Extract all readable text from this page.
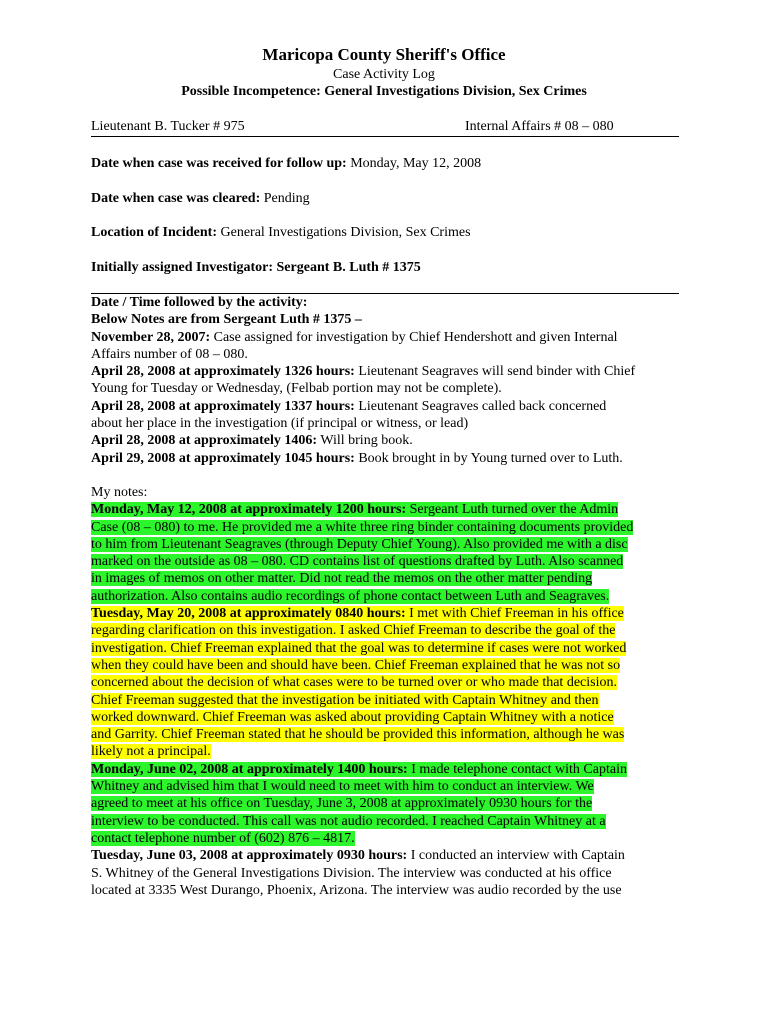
Maricopa County Sheriff's Office
Case Activity Log
Possible Incompetence: General Investigations Division, Sex Crimes
Lieutenant B. Tucker # 975	Internal Affairs # 08 – 080
Date when case was received for follow up: Monday, May 12, 2008
Date when case was cleared: Pending
Location of Incident: General Investigations Division, Sex Crimes
Initially assigned Investigator: Sergeant B. Luth # 1375
Date / Time followed by the activity:
Below Notes are from Sergeant Luth # 1375 –
November 28, 2007: Case assigned for investigation by Chief Hendershott and given Internal
Affairs number of 08 – 080.
April 28, 2008 at approximately 1326 hours: Lieutenant Seagraves will send binder with Chief
Young for Tuesday or Wednesday, (Felbab portion may not be complete).
April 28, 2008 at approximately 1337 hours: Lieutenant Seagraves called back concerned
about her place in the investigation (if principal or witness, or lead)
April 28, 2008 at approximately 1406: Will bring book.
April 29, 2008 at approximately 1045 hours: Book brought in by Young turned over to Luth.
My notes:
Monday, May 12, 2008 at approximately 1200 hours: Sergeant Luth turned over the Admin
Case (08 – 080) to me. He provided me a white three ring binder containing documents provided
to him from Lieutenant Seagraves (through Deputy Chief Young). Also provided me with a disc
marked on the outside as 08 – 080. CD contains list of questions drafted by Luth. Also scanned
in images of memos on other matter. Did not read the memos on the other matter pending
authorization. Also contains audio recordings of phone contact between Luth and Seagraves.
Tuesday, May 20, 2008 at approximately 0840 hours: I met with Chief Freeman in his office
regarding clarification on this investigation. I asked Chief Freeman to describe the goal of the
investigation. Chief Freeman explained that the goal was to determine if cases were not worked
when they could have been and should have been. Chief Freeman explained that he was not so
concerned about the decision of what cases were to be turned over or who made that decision.
Chief Freeman suggested that the investigation be initiated with Captain Whitney and then
worked downward. Chief Freeman was asked about providing Captain Whitney with a notice
and Garrity. Chief Freeman stated that he should be provided this information, although he was
likely not a principal.
Monday, June 02, 2008 at approximately 1400 hours: I made telephone contact with Captain
Whitney and advised him that I would need to meet with him to conduct an interview. We
agreed to meet at his office on Tuesday, June 3, 2008 at approximately 0930 hours for the
interview to be conducted. This call was not audio recorded. I reached Captain Whitney at a
contact telephone number of (602) 876 – 4817.
Tuesday, June 03, 2008 at approximately 0930 hours: I conducted an interview with Captain
S. Whitney of the General Investigations Division. The interview was conducted at his office
located at 3335 West Durango, Phoenix, Arizona. The interview was audio recorded by the use
